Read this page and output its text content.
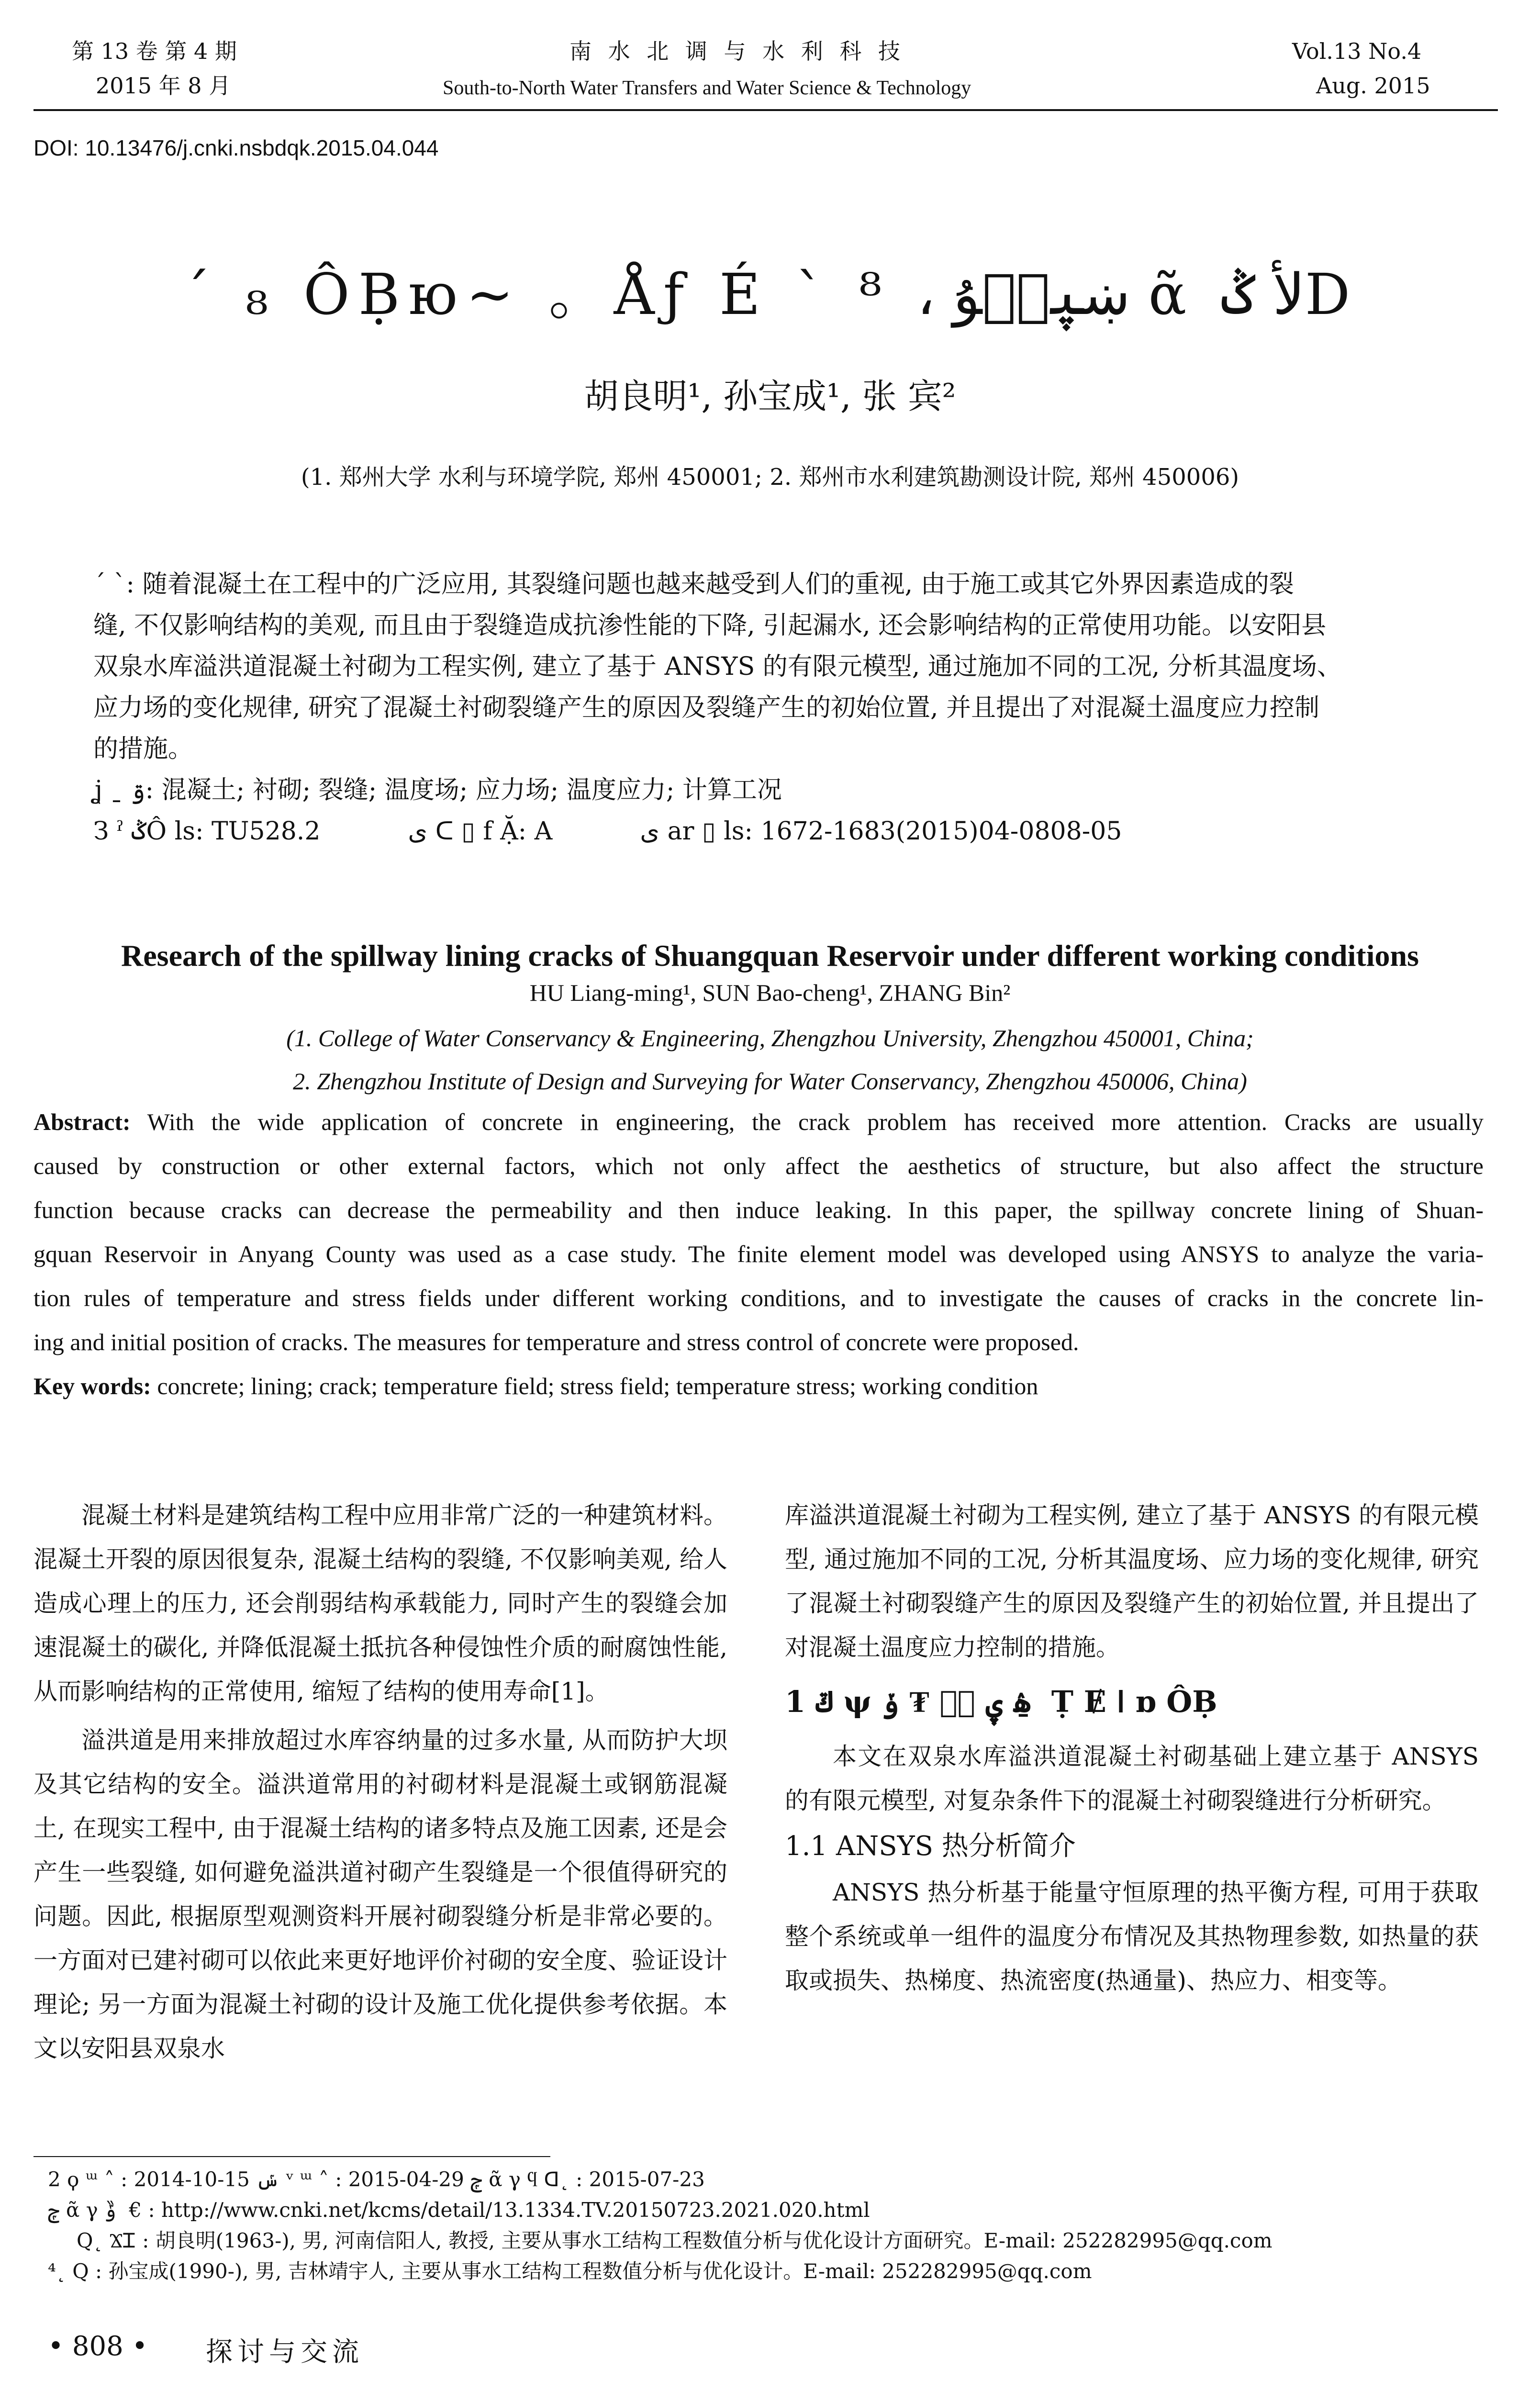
第 13 卷 第 4 期
2015 年 8 月
南 水 北 调 与 水 利 科 技
South-to-North Water Transfers and Water Science & Technology
Vol.13 No.4
Aug. 2015
DOI: 10.13476/j.cnki.nsbdqk.2015.04.044
´ ₈ ÔḄю~ 。Åƒ É ˋ ⁸ ، ښۑپۧۇ ᾶ ﻷ ݣD
胡良明¹, 孙宝成¹, 张 宾²
(1. 郑州大学 水利与环境学院, 郑州 450001; 2. 郑州市水利建筑勘测设计院, 郑州 450006)

ˊ ˋ: 随着混凝土在工程中的广泛应用, 其裂缝问题也越来越受到人们的重视, 由于施工或其它外界因素造成的裂

缝, 不仅影响结构的美观, 而且由于裂缝造成抗渗性能的下降, 引起漏水, 还会影响结构的正常使用功能。以安阳县

双泉水库溢洪道混凝土衬砌为工程实例, 建立了基于 ANSYS 的有限元模型, 通过施加不同的工况, 分析其温度场、

应力场的变化规律, 研究了混凝土衬砌裂缝产生的原因及裂缝产生的初始位置, 并且提出了对混凝土温度应力控制

的措施。

ʝ ˍ ۊ: 混凝土; 衬砌; 裂缝; 温度场; 应力场; 温度应力; 计算工况

З ˀ ݣÔ ls: TU528.2	ى ᑕ ▯ f Ặ: A	ى ar ▯ ls: 1672-1683(2015)04-0808-05

Research of the spillway lining cracks of Shuangquan Reservoir under different working conditions
HU Liang-ming¹, SUN Bao-cheng¹, ZHANG Bin²
(1. College of Water Conservancy & Engineering, Zhengzhou University, Zhengzhou 450001, China;
2. Zhengzhou Institute of Design and Surveying for Water Conservancy, Zhengzhou 450006, China)

Abstract: With the wide application of concrete in engineering, the crack problem has received more attention. Cracks are usually

caused by construction or other external factors, which not only affect the aesthetics of structure, but also affect the structure

function because cracks can decrease the permeability and then induce leaking. In this paper, the spillway concrete lining of Shuan-

gquan Reservoir in Anyang County was used as a case study. The finite element model was developed using ANSYS to analyze the varia-

tion rules of temperature and stress fields under different working conditions, and to investigate the causes of cracks in the concrete lin-

ing and initial position of cracks. The measures for temperature and stress control of concrete were proposed.

Key words: concrete; lining; crack; temperature field; stress field; temperature stress; working condition

混凝土材料是建筑结构工程中应用非常广泛的一种建筑材料。混凝土开裂的原因很复杂, 混凝土结构的裂缝, 不仅影响美观, 给人造成心理上的压力, 还会削弱结构承载能力, 同时产生的裂缝会加速混凝土的碳化, 并降低混凝土抵抗各种侵蚀性介质的耐腐蚀性能, 从而影响结构的正常使用, 缩短了结构的使用寿命[1]。

溢洪道是用来排放超过水库容纳量的过多水量, 从而防护大坝及其它结构的安全。溢洪道常用的衬砌材料是混凝土或钢筋混凝土, 在现实工程中, 由于混凝土结构的诸多特点及施工因素, 还是会产生一些裂缝, 如何避免溢洪道衬砌产生裂缝是一个很值得研究的问题。因此, 根据原型观测资料开展衬砌裂缝分析是非常必要的。一方面对已建衬砌可以依此来更好地评价衬砌的安全度、验证设计理论; 另一方面为混凝土衬砌的设计及施工优化提供参考依据。本文以安阳县双泉水

库溢洪道混凝土衬砌为工程实例, 建立了基于 ANSYS 的有限元模型, 通过施加不同的工况, 分析其温度场、应力场的变化规律, 研究了混凝土衬砌裂缝产生的原因及裂缝产生的初始位置, 并且提出了对混凝土温度应力控制的措施。

1 ݿ ψ ۿ ۑ پۧ ₮ ݸ ̱ Ṭ Ɇ ߊ ɒ ÔḄ

本文在双泉水库溢洪道混凝土衬砌基础上建立基于 ANSYS 的有限元模型, 对复杂条件下的混凝土衬砌裂缝进行分析研究。

1.1 ANSYS 热分析简介

ANSYS 热分析基于能量守恒原理的热平衡方程, 可用于获取整个系统或单一组件的温度分布情况及其热物理参数, 如热量的获取或损失、热梯度、热流密度(热通量)、热应力、相变等。

2 ϙ ᵚ ˄ : 2014-10-15 ݽ ᵛ ᵚ ˄ : 2015-04-29 ݼ ᾶ γ ϥ ᗡ˛ : 2015-07-23
ݼ ᾶ γ ݹ ̏ € : http://www.cnki.net/kcms/detail/13.1334.TV.20150723.2021.020.html
Q˛ ϪᏆ : 胡良明(1963-), 男, 河南信阳人, 教授, 主要从事水工结构工程数值分析与优化设计方面研究。E-mail: 252282995@qq.com
⁴˛ Q : 孙宝成(1990-), 男, 吉林靖宇人, 主要从事水工结构工程数值分析与优化设计。E-mail: 252282995@qq.com
• 808 • 探讨与交流
